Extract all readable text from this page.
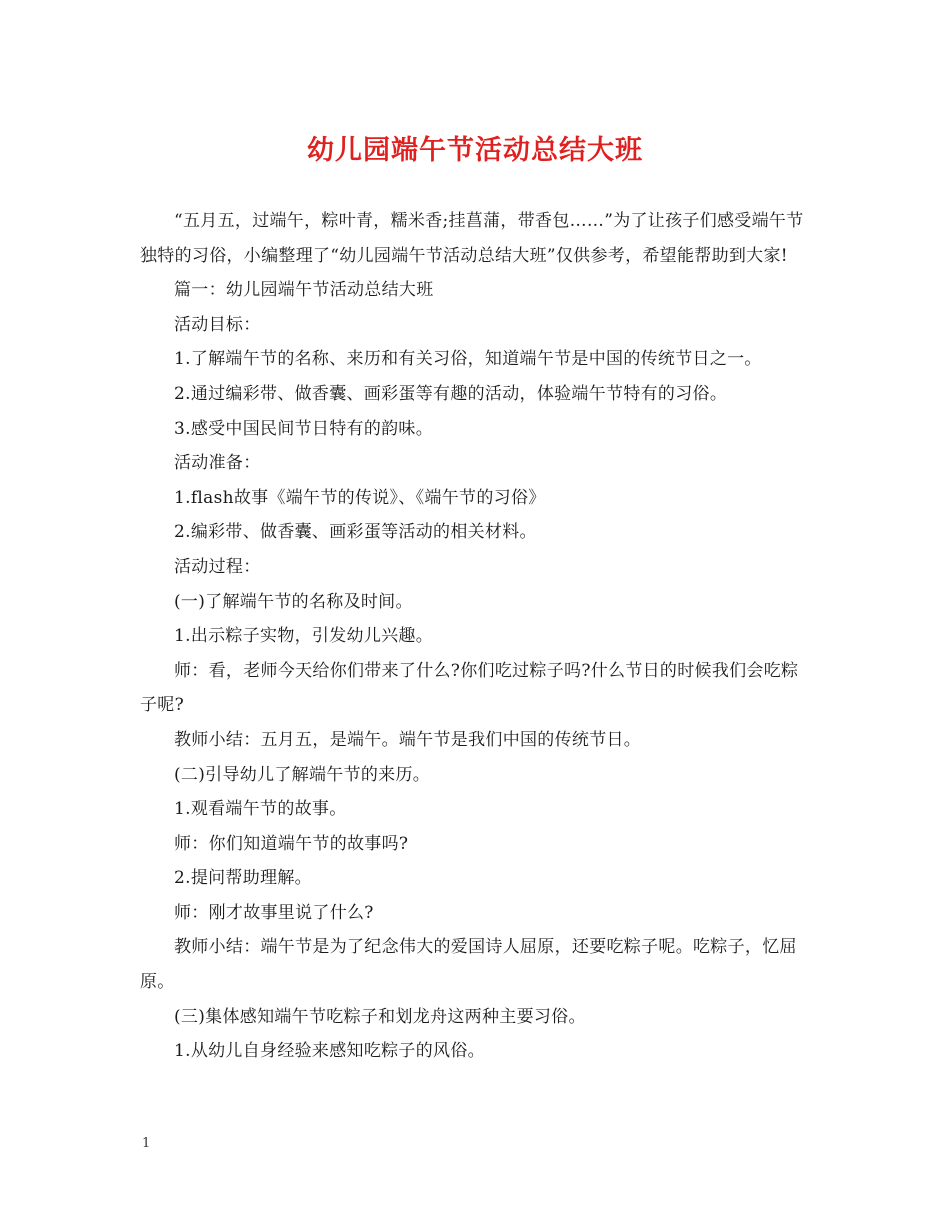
幼儿园端午节活动总结大班

“五月五，过端午，粽叶青，糯米香;挂菖蒲，带香包……”为了让孩子们感受端午节独特的习俗，小编整理了“幼儿园端午节活动总结大班”仅供参考，希望能帮助到大家!

篇一：幼儿园端午节活动总结大班

活动目标：

1.了解端午节的名称、来历和有关习俗，知道端午节是中国的传统节日之一。

2.通过编彩带、做香囊、画彩蛋等有趣的活动，体验端午节特有的习俗。

3.感受中国民间节日特有的韵味。

活动准备：

1.flash故事《端午节的传说》、《端午节的习俗》

2.编彩带、做香囊、画彩蛋等活动的相关材料。

活动过程：

(一)了解端午节的名称及时间。

1.出示粽子实物，引发幼儿兴趣。

师：看，老师今天给你们带来了什么?你们吃过粽子吗?什么节日的时候我们会吃粽子呢?

教师小结：五月五，是端午。端午节是我们中国的传统节日。

(二)引导幼儿了解端午节的来历。

1.观看端午节的故事。

师：你们知道端午节的故事吗?

2.提问帮助理解。

师：刚才故事里说了什么?

教师小结：端午节是为了纪念伟大的爱国诗人屈原，还要吃粽子呢。吃粽子，忆屈原。

(三)集体感知端午节吃粽子和划龙舟这两种主要习俗。

1.从幼儿自身经验来感知吃粽子的风俗。

1
